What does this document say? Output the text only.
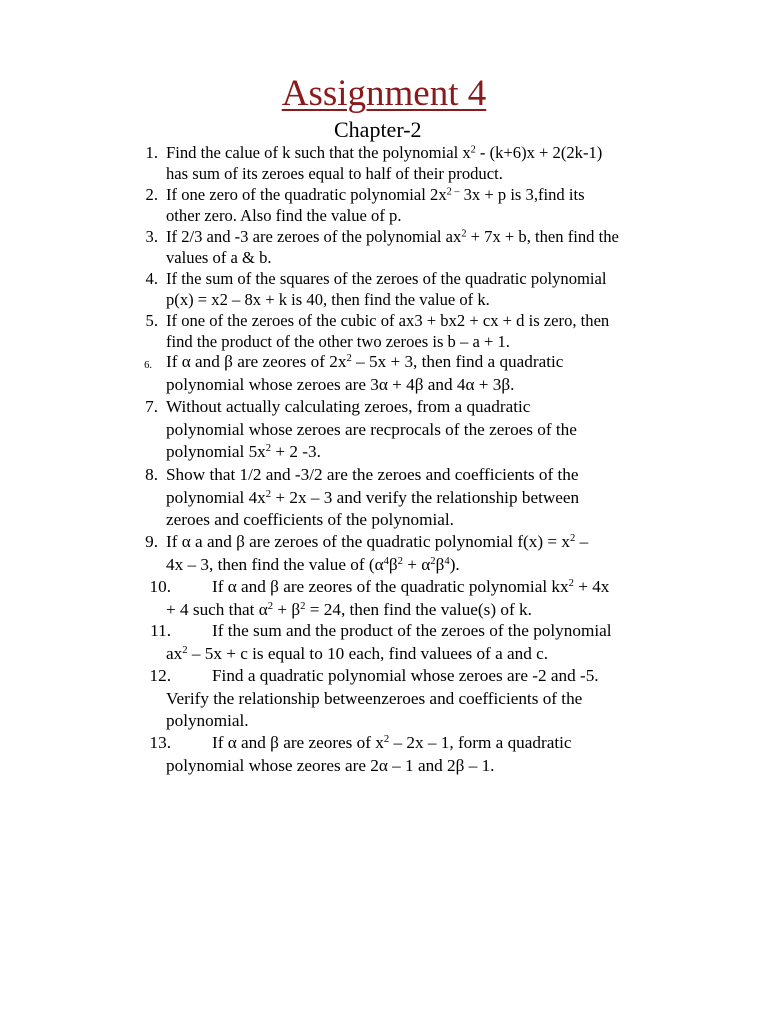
Assignment 4
Chapter-2
1. Find the calue of k such that the polynomial $x^2 - (k+6)x + 2(2k-1)$
has sum of its zeroes equal to half of their product.
2. If one zero of the quadratic polynomial $2x^{2 -}$ 3x + p is 3,find its
other zero. Also find the value of p.
3. If 2/3 and -3 are zeroes of the polynomial $ax^2 + 7x + b$, then find the
values of a & b.
4. If the sum of the squares of the zeroes of the quadratic polynomial
p(x) = x2 – 8x + k is 40, then find the value of k.
5. If one of the zeroes of the cubic of ax3 + bx2 + cx + d is zero, then
find the product of the other two zeroes is b – a + 1.
6. If α and β are zeores of $2x^2 - 5x + 3$, then find a quadratic
polynomial whose zeroes are 3α + 4β and 4α + 3β.
7. Without actually calculating zeroes, from a quadratic
polynomial whose zeroes are recprocals of the zeroes of the
polynomial $5x^2 + 2$ -3.
8. Show that 1/2 and -3/2 are the zeroes and coefficients of the
polynomial $4x^2 + 2x - 3$ and verify the relationship between
zeroes and coefficients of the polynomial.
9. If α a and β are zeroes of the quadratic polynomial $f(x) = x^2$ –
4x – 3, then find the value of $(\alpha^4\beta^2 + \alpha^2\beta^4)$.
10.	If α and β are zeores of the quadratic polynomial $kx^2 + 4x$
+ 4 such that $\alpha^2 + \beta^2 = 24$, then find the value(s) of k.
11.	If the sum and the product of the zeroes of the polynomial
$ax^2 - 5x + c$ is equal to 10 each, find valuees of a and c.
12.	Find a quadratic polynomial whose zeroes are -2 and -5.
Verify the relationship betweenzeroes and coefficients of the
polynomial.
13.	If α and β are zeores of $x^2 - 2x - 1$, form a quadratic
polynomial whose zeores are 2α – 1 and 2β – 1.
